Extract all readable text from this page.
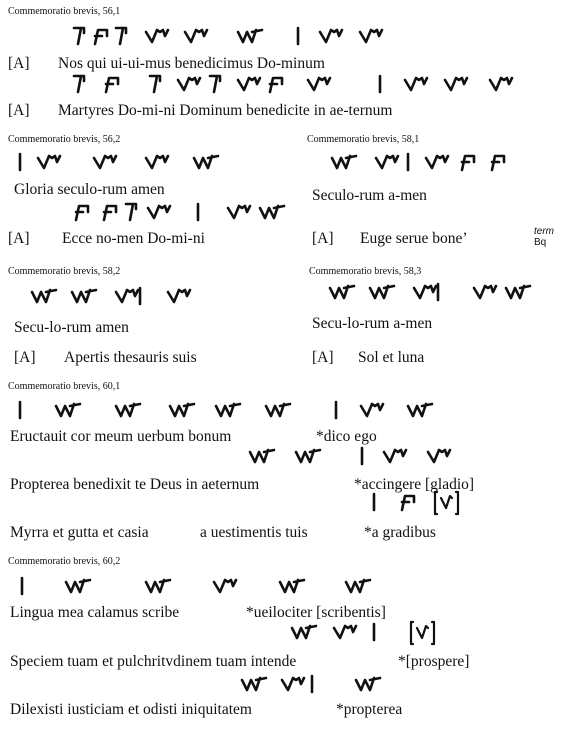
Commemoratio brevis, 56,1
[A] Nos qui ui-ui-mus benedicimus Do-minum
[A] Martyres Do-mi-ni Dominum benedicite in ae-ternum
Commemoratio brevis, 56,2
Gloria seculo-rum amen
[A] Ecce no-men Do-mi-ni
Commemoratio brevis, 58,1
Seculo-rum a-men
[A] Euge serue bone’	term
Bq
Commemoratio brevis, 58,2
Secu-lo-rum amen
[A] Apertis thesauris suis
Commemoratio brevis, 58,3
Secu-lo-rum a-men
[A] Sol et luna
Commemoratio brevis, 60,1
Eructauit cor meum uerbum bonum	*dico ego
Propterea benedixit te Deus in aeternum	*accingere [gladio]
Myrra et gutta et casia	a uestimentis tuis	*a gradibus
Commemoratio brevis, 60,2
Lingua mea calamus scribe	*ueilociter [scribentis]
Speciem tuam et pulchritvdinem tuam intende	*[prospere]
Dilexisti iusticiam et odisti iniquitatem	*propterea
